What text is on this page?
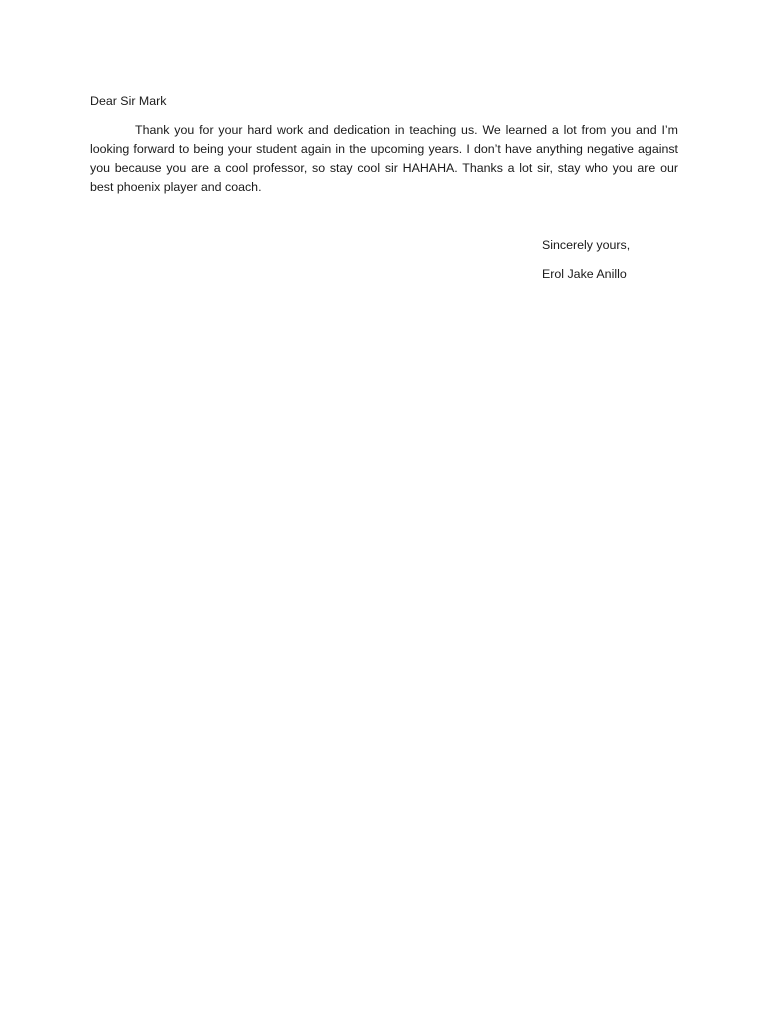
Dear Sir Mark

Thank you for your hard work and dedication in teaching us. We learned a lot from you and I’m looking forward to being your student again in the upcoming years. I don’t have anything negative against you because you are a cool professor, so stay cool sir HAHAHA. Thanks a lot sir, stay who you are our best phoenix player and coach.

Sincerely yours,

Erol Jake Anillo
